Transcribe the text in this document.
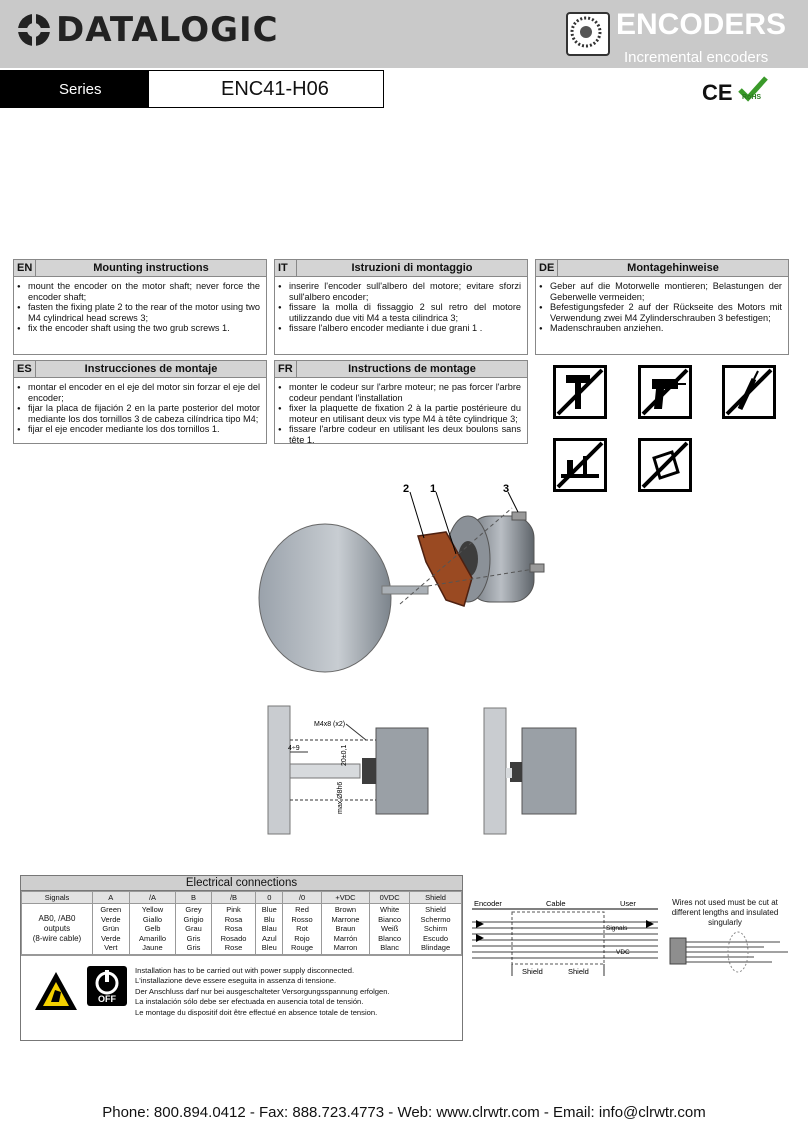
DATALOGIC	ENCODERS
Incremental encoders
Series	ENC41-H06	CE RoHS
EN	Mounting instructions
● mount the encoder on the motor shaft; never force the encoder shaft;
● fasten the fixing plate 2 to the rear of the motor using two M4 cylindrical head screws 3;
● fix the encoder shaft using the two grub screws 1.
IT	Istruzioni di montaggio
● inserire l'encoder sull'albero del motore; evitare sforzi sull'albero encoder;
● fissare la molla di fissaggio 2 sul retro del motore utilizzando due viti M4 a testa cilindrica 3;
● fissare l'albero encoder mediante i due grani 1 .
DE	Montagehinweise
● Geber auf die Motorwelle montieren; Belastungen der Geberwelle vermeiden;
● Befestigungsfeder 2 auf der Rückseite des Motors mit Verwendung zwei M4 Zylinderschrauben 3 befestigen;
● Madenschrauben anziehen.
ES	Instrucciones de montaje
● montar el encoder en el eje del motor sin forzar el eje del encoder;
● fijar la placa de fijación 2 en la parte posterior del motor mediante los dos tornillos 3 de cabeza cilíndrica tipo M4;
● fijar el eje encoder mediante los dos tornillos 1.
FR	Instructions de montage
● monter le codeur sur l'arbre moteur; ne pas forcer l'arbre codeur pendant l'installation
● fixer la plaquette de fixation 2 à la partie postérieure du moteur en utilisant deux vis type M4 à tête cylindrique 3;
● fissare l'arbre codeur en utilisant les deux boulons sans tête 1.
2 1	3
M4x8 (x2)
4÷9	20±0,1
max Ø8h6
Electrical connections
Signals	A	/A	B	/B	0	/0	+VDC	0VDC	Shield
AB0, /AB0
outputs
(8-wire cable)	Green
Verde
Grün
Verde
Vert	Yellow
Giallo
Gelb
Amarillo
Jaune	Grey
Grigio
Grau
Gris
Gris	Pink
Rosa
Rosa
Rosado
Rose	Blue
Blu
Blau
Azul
Bleu	Red
Rosso
Rot
Rojo
Rouge	Brown
Marrone
Braun
Marrón
Marron	White
Bianco
Weiß
Blanco
Blanc	Shield
Schermo
Schirm
Escudo
Blindage
OFF
Installation has to be carried out with power supply disconnected.
L'installazione deve essere eseguita in assenza di tensione.
Der Anschluss darf nur bei ausgeschalteter Versorgungsspannung erfolgen.
La instalación sólo debe ser efectuada en ausencia total de tensión.
Le montage du dispositif doit être effectué en absence totale de tension.
Encoder	Cable	User
Signals
VDC
Shield	Shield
Wires not used must be cut at different lengths and insulated singularly
Phone: 800.894.0412 - Fax: 888.723.4773 - Web: www.clrwtr.com - Email: info@clrwtr.com
